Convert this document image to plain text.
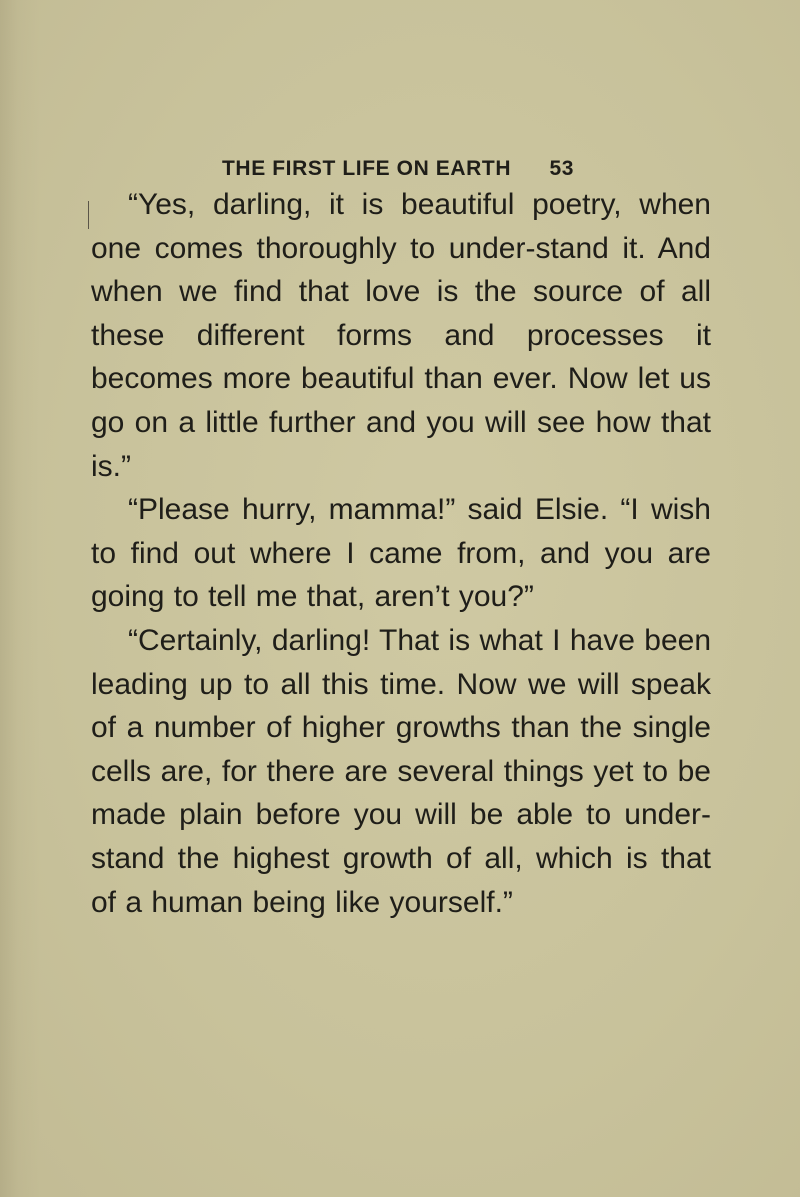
THE FIRST LIFE ON EARTH 53

“Yes, darling, it is beautiful poetry, when one comes thoroughly to under-stand it. And when we find that love is the source of all these different forms and processes it becomes more beautiful than ever. Now let us go on a little further and you will see how that is.”

“Please hurry, mamma!” said Elsie. “I wish to find out where I came from, and you are going to tell me that, aren’t you?”

“Certainly, darling! That is what I have been leading up to all this time. Now we will speak of a number of higher growths than the single cells are, for there are several things yet to be made plain before you will be able to under-stand the highest growth of all, which is that of a human being like yourself.”
